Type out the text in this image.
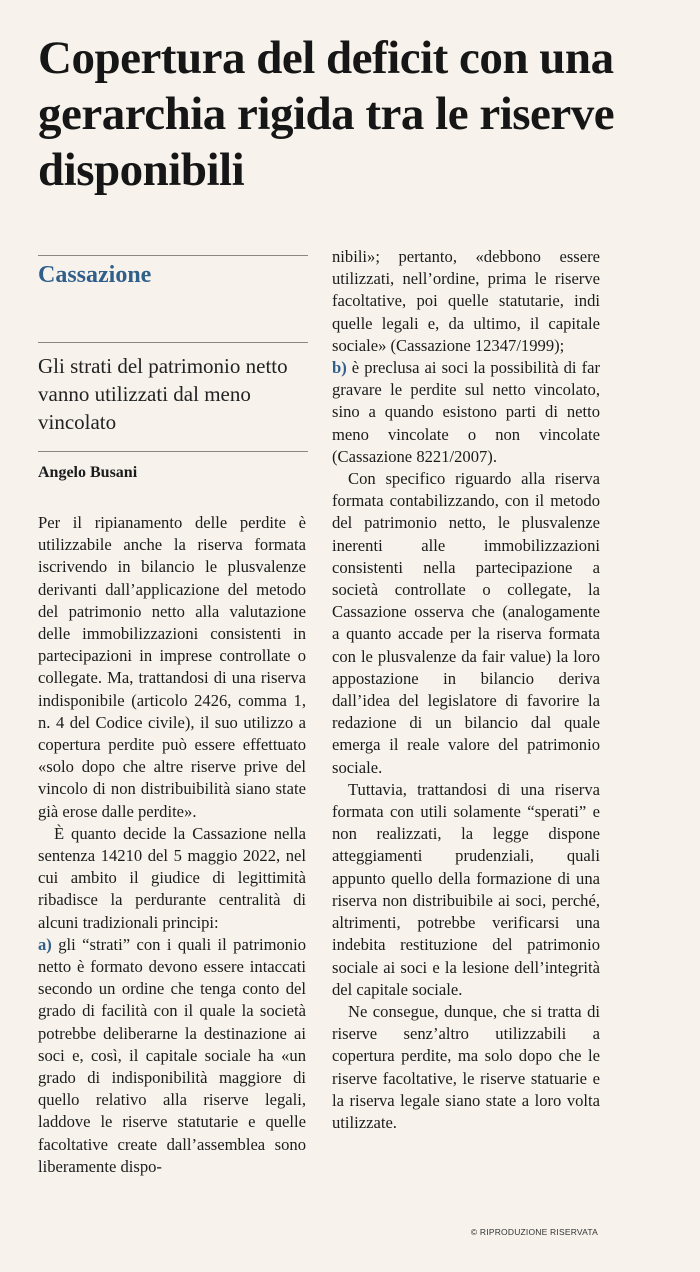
Copertura del deficit con una gerarchia rigida tra le riserve disponibili
Cassazione
Gli strati del patrimonio netto vanno utilizzati dal meno vincolato
Angelo Busani

Per il ripianamento delle perdite è utilizzabile anche la riserva formata iscrivendo in bilancio le plusvalenze derivanti dall’applicazione del metodo del patrimonio netto alla valutazione delle immobilizzazioni consistenti in partecipazioni in imprese controllate o collegate. Ma, trattandosi di una riserva indisponibile (articolo 2426, comma 1, n. 4 del Codice civile), il suo utilizzo a copertura perdite può essere effettuato «solo dopo che altre riserve prive del vincolo di non distribuibilità siano state già erose dalle perdite».

È quanto decide la Cassazione nella sentenza 14210 del 5 maggio 2022, nel cui ambito il giudice di legittimità ribadisce la perdurante centralità di alcuni tradizionali principi:

a) gli “strati” con i quali il patrimonio netto è formato devono essere intaccati secondo un ordine che tenga conto del grado di facilità con il quale la società potrebbe deliberarne la destinazione ai soci e, così, il capitale sociale ha «un grado di indisponibilità maggiore di quello relativo alla riserve legali, laddove le riserve statutarie e quelle facoltative create dall’assemblea sono liberamente dispo-

nibili»; pertanto, «debbono essere utilizzati, nell’ordine, prima le riserve facoltative, poi quelle statutarie, indi quelle legali e, da ultimo, il capitale sociale» (Cassazione 12347/1999);

b) è preclusa ai soci la possibilità di far gravare le perdite sul netto vincolato, sino a quando esistono parti di netto meno vincolate o non vincolate (Cassazione 8221/2007).

Con specifico riguardo alla riserva formata contabilizzando, con il metodo del patrimonio netto, le plusvalenze inerenti alle immobilizzazioni consistenti nella partecipazione a società controllate o collegate, la Cassazione osserva che (analogamente a quanto accade per la riserva formata con le plusvalenze da fair value) la loro appostazione in bilancio deriva dall’idea del legislatore di favorire la redazione di un bilancio dal quale emerga il reale valore del patrimonio sociale.

Tuttavia, trattandosi di una riserva formata con utili solamente “sperati” e non realizzati, la legge dispone atteggiamenti prudenziali, quali appunto quello della formazione di una riserva non distribuibile ai soci, perché, altrimenti, potrebbe verificarsi una indebita restituzione del patrimonio sociale ai soci e la lesione dell’integrità del capitale sociale.

Ne consegue, dunque, che si tratta di riserve senz’altro utilizzabili a copertura perdite, ma solo dopo che le riserve facoltative, le riserve statuarie e la riserva legale siano state a loro volta utilizzate.

© RIPRODUZIONE RISERVATA
